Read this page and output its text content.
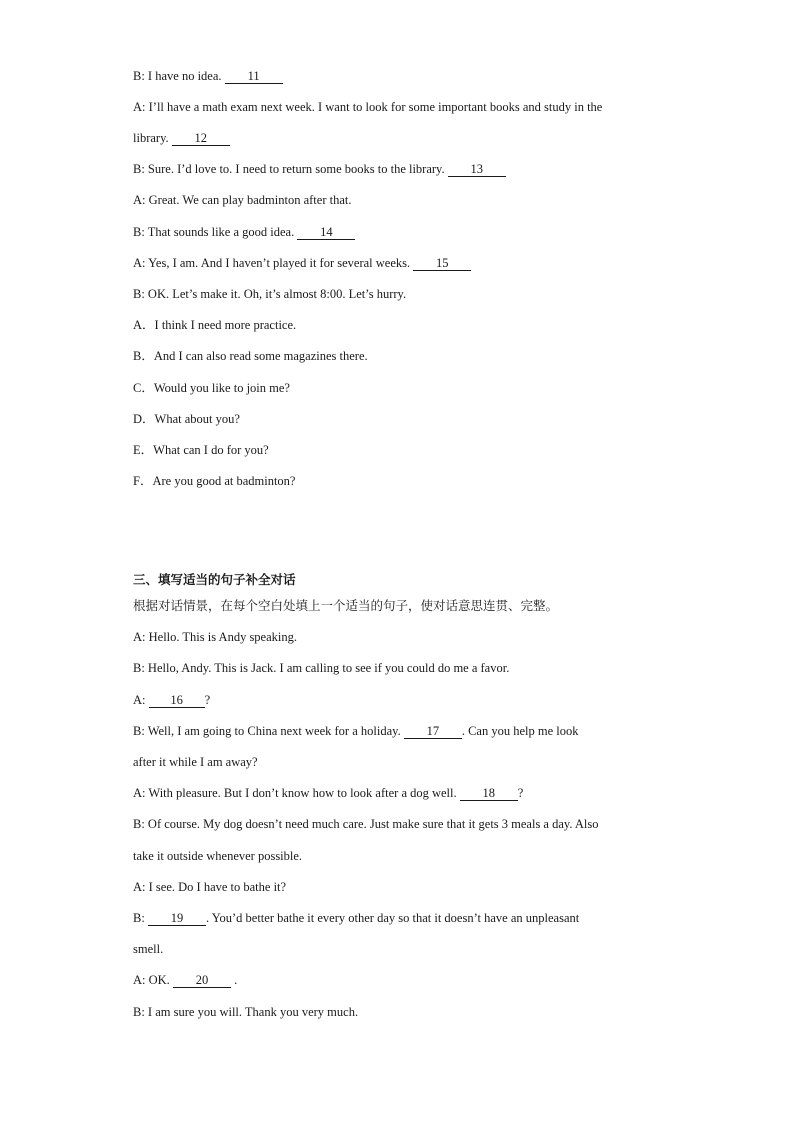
B: I have no idea. 11
A: I’ll have a math exam next week. I want to look for some important books and study in the
library. 12
B: Sure. I’d love to. I need to return some books to the library. 13
A: Great. We can play badminton after that.
B: That sounds like a good idea. 14
A: Yes, I am. And I haven’t played it for several weeks. 15
B: OK. Let’s make it. Oh, it’s almost 8:00. Let’s hurry.
A．I think I need more practice.
B．And I can also read some magazines there.
C．Would you like to join me?
D．What about you?
E．What can I do for you?
F．Are you good at badminton?
三、填写适当的句子补全对话
根据对话情景，在每个空白处填上一个适当的句子，使对话意思连贯、完整。
A: Hello. This is Andy speaking.
B: Hello, Andy. This is Jack. I am calling to see if you could do me a favor.
A: 16 ?
B: Well, I am going to China next week for a holiday. 17 . Can you help me look
after it while I am away?
A: With pleasure. But I don’t know how to look after a dog well. 18 ?
B: Of course. My dog doesn’t need much care. Just make sure that it gets 3 meals a day. Also
take it outside whenever possible.
A: I see. Do I have to bathe it?
B: 19 . You’d better bathe it every other day so that it doesn’t have an unpleasant
smell.
A: OK. 20 .
B: I am sure you will. Thank you very much.
